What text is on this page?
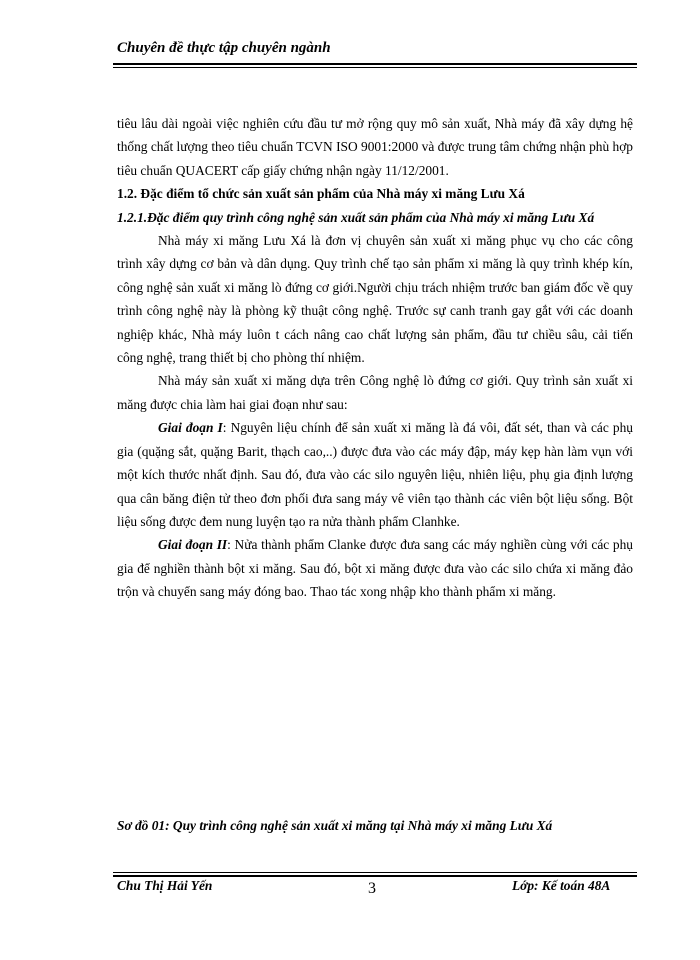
Chuyên đề thực tập chuyên ngành

tiêu lâu dài ngoài việc nghiên cứu đầu tư mở rộng quy mô sản xuất, Nhà máy đã xây dựng hệ thống chất lượng theo tiêu chuẩn TCVN ISO 9001:2000 và được trung tâm chứng nhận phù hợp tiêu chuẩn QUACERT cấp giấy chứng nhận ngày 11/12/2001.

1.2. Đặc điểm tổ chức sản xuất sản phẩm của Nhà máy xi măng Lưu Xá

1.2.1.Đặc điểm quy trình công nghệ sản xuất sản phẩm của Nhà máy xi măng Lưu Xá

Nhà máy xi măng Lưu Xá là đơn vị chuyên sản xuất xi măng phục vụ cho các công trình xây dựng cơ bản và dân dụng. Quy trình chế tạo sản phẩm xi măng là quy trình khép kín, công nghệ sản xuất xi măng lò đứng cơ giới.Người chịu trách nhiệm trước ban giám đốc về quy trình công nghệ này là phòng kỹ thuật công nghệ. Trước sự canh tranh gay gắt với các doanh nghiệp khác, Nhà máy luôn t cách nâng cao chất lượng sản phẩm, đầu tư chiều sâu, cải tiến công nghệ, trang thiết bị cho phòng thí nhiệm.

Nhà máy sản xuất xi măng dựa trên Công nghệ lò đứng cơ giới. Quy trình sản xuất xi măng được chia làm hai giai đoạn như sau:

Giai đoạn I: Nguyên liệu chính để sản xuất xi măng là đá vôi, đất sét, than và các phụ gia (quặng sắt, quặng Barit, thạch cao,..) được đưa vào các máy đập, máy kẹp hàn làm vụn với một kích thước nhất định. Sau đó, đưa vào các silo nguyên liệu, nhiên liệu, phụ gia định lượng qua cân băng điện tử theo đơn phối đưa sang máy vê viên tạo thành các viên bột liệu sống. Bột liệu sống được đem nung luyện tạo ra nửa thành phẩm Clanhke.

Giai đoạn II: Nửa thành phẩm Clanke được đưa sang các máy nghiền cùng với các phụ gia để nghiền thành bột xi măng. Sau đó, bột xi măng được đưa vào các silo chứa xi măng đảo trộn và chuyển sang máy đóng bao. Thao tác xong nhập kho thành phẩm xi măng.

Sơ đồ 01: Quy trình công nghệ sản xuất xi măng tại Nhà máy xi măng Lưu Xá
Chu Thị Hải Yến	3	Lớp: Kế toán 48A
